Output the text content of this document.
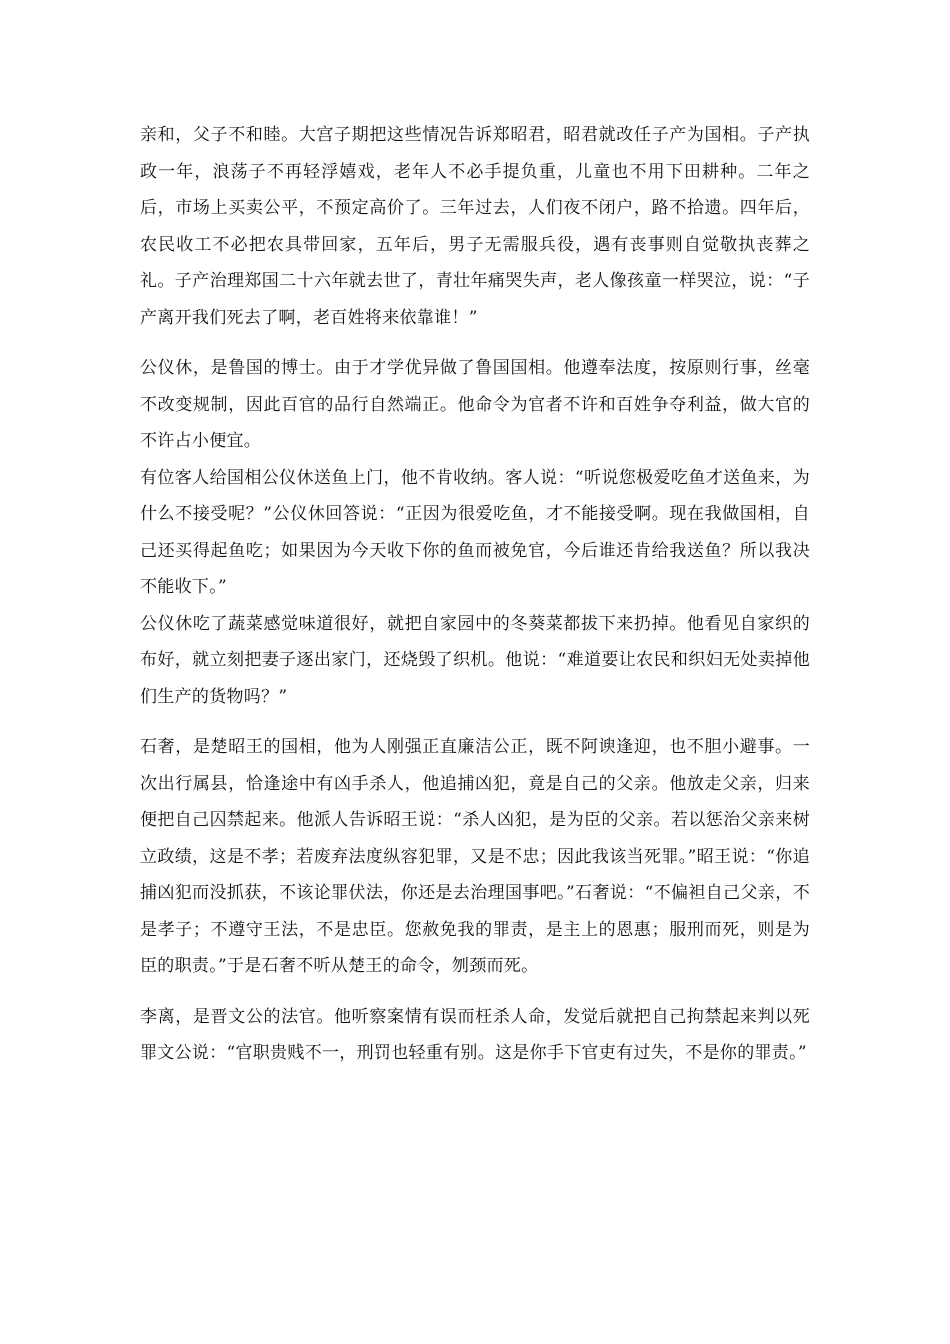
亲和，父子不和睦。大宫子期把这些情况告诉郑昭君，昭君就改任子产为国相。子产执政一年，浪荡子不再轻浮嬉戏，老年人不必手提负重，儿童也不用下田耕种。二年之后，市场上买卖公平，不预定高价了。三年过去，人们夜不闭户，路不拾遗。四年后，农民收工不必把农具带回家，五年后，男子无需服兵役，遇有丧事则自觉敬执丧葬之礼。子产治理郑国二十六年就去世了，青壮年痛哭失声，老人像孩童一样哭泣，说：“子产离开我们死去了啊，老百姓将来依靠谁！”

公仪休，是鲁国的博士。由于才学优异做了鲁国国相。他遵奉法度，按原则行事，丝毫不改变规制，因此百官的品行自然端正。他命令为官者不许和百姓争夺利益，做大官的不许占小便宜。

有位客人给国相公仪休送鱼上门，他不肯收纳。客人说：“听说您极爱吃鱼才送鱼来，为什么不接受呢？”公仪休回答说：“正因为很爱吃鱼，才不能接受啊。现在我做国相，自己还买得起鱼吃；如果因为今天收下你的鱼而被免官，今后谁还肯给我送鱼？所以我决不能收下。”

公仪休吃了蔬菜感觉味道很好，就把自家园中的冬葵菜都拔下来扔掉。他看见自家织的布好，就立刻把妻子逐出家门，还烧毁了织机。他说：“难道要让农民和织妇无处卖掉他们生产的货物吗？”

石奢，是楚昭王的国相，他为人刚强正直廉洁公正，既不阿谀逢迎，也不胆小避事。一次出行属县，恰逢途中有凶手杀人，他追捕凶犯，竟是自己的父亲。他放走父亲，归来便把自己囚禁起来。他派人告诉昭王说：“杀人凶犯，是为臣的父亲。若以惩治父亲来树立政绩，这是不孝；若废弃法度纵容犯罪，又是不忠；因此我该当死罪。”昭王说：“你追捕凶犯而没抓获，不该论罪伏法，你还是去治理国事吧。”石奢说：“不偏袒自己父亲，不是孝子；不遵守王法，不是忠臣。您赦免我的罪责，是主上的恩惠；服刑而死，则是为臣的职责。”于是石奢不听从楚王的命令，刎颈而死。

李离，是晋文公的法官。他听察案情有误而枉杀人命，发觉后就把自己拘禁起来判以死罪文公说：“官职贵贱不一，刑罚也轻重有别。这是你手下官吏有过失，不是你的罪责。”
